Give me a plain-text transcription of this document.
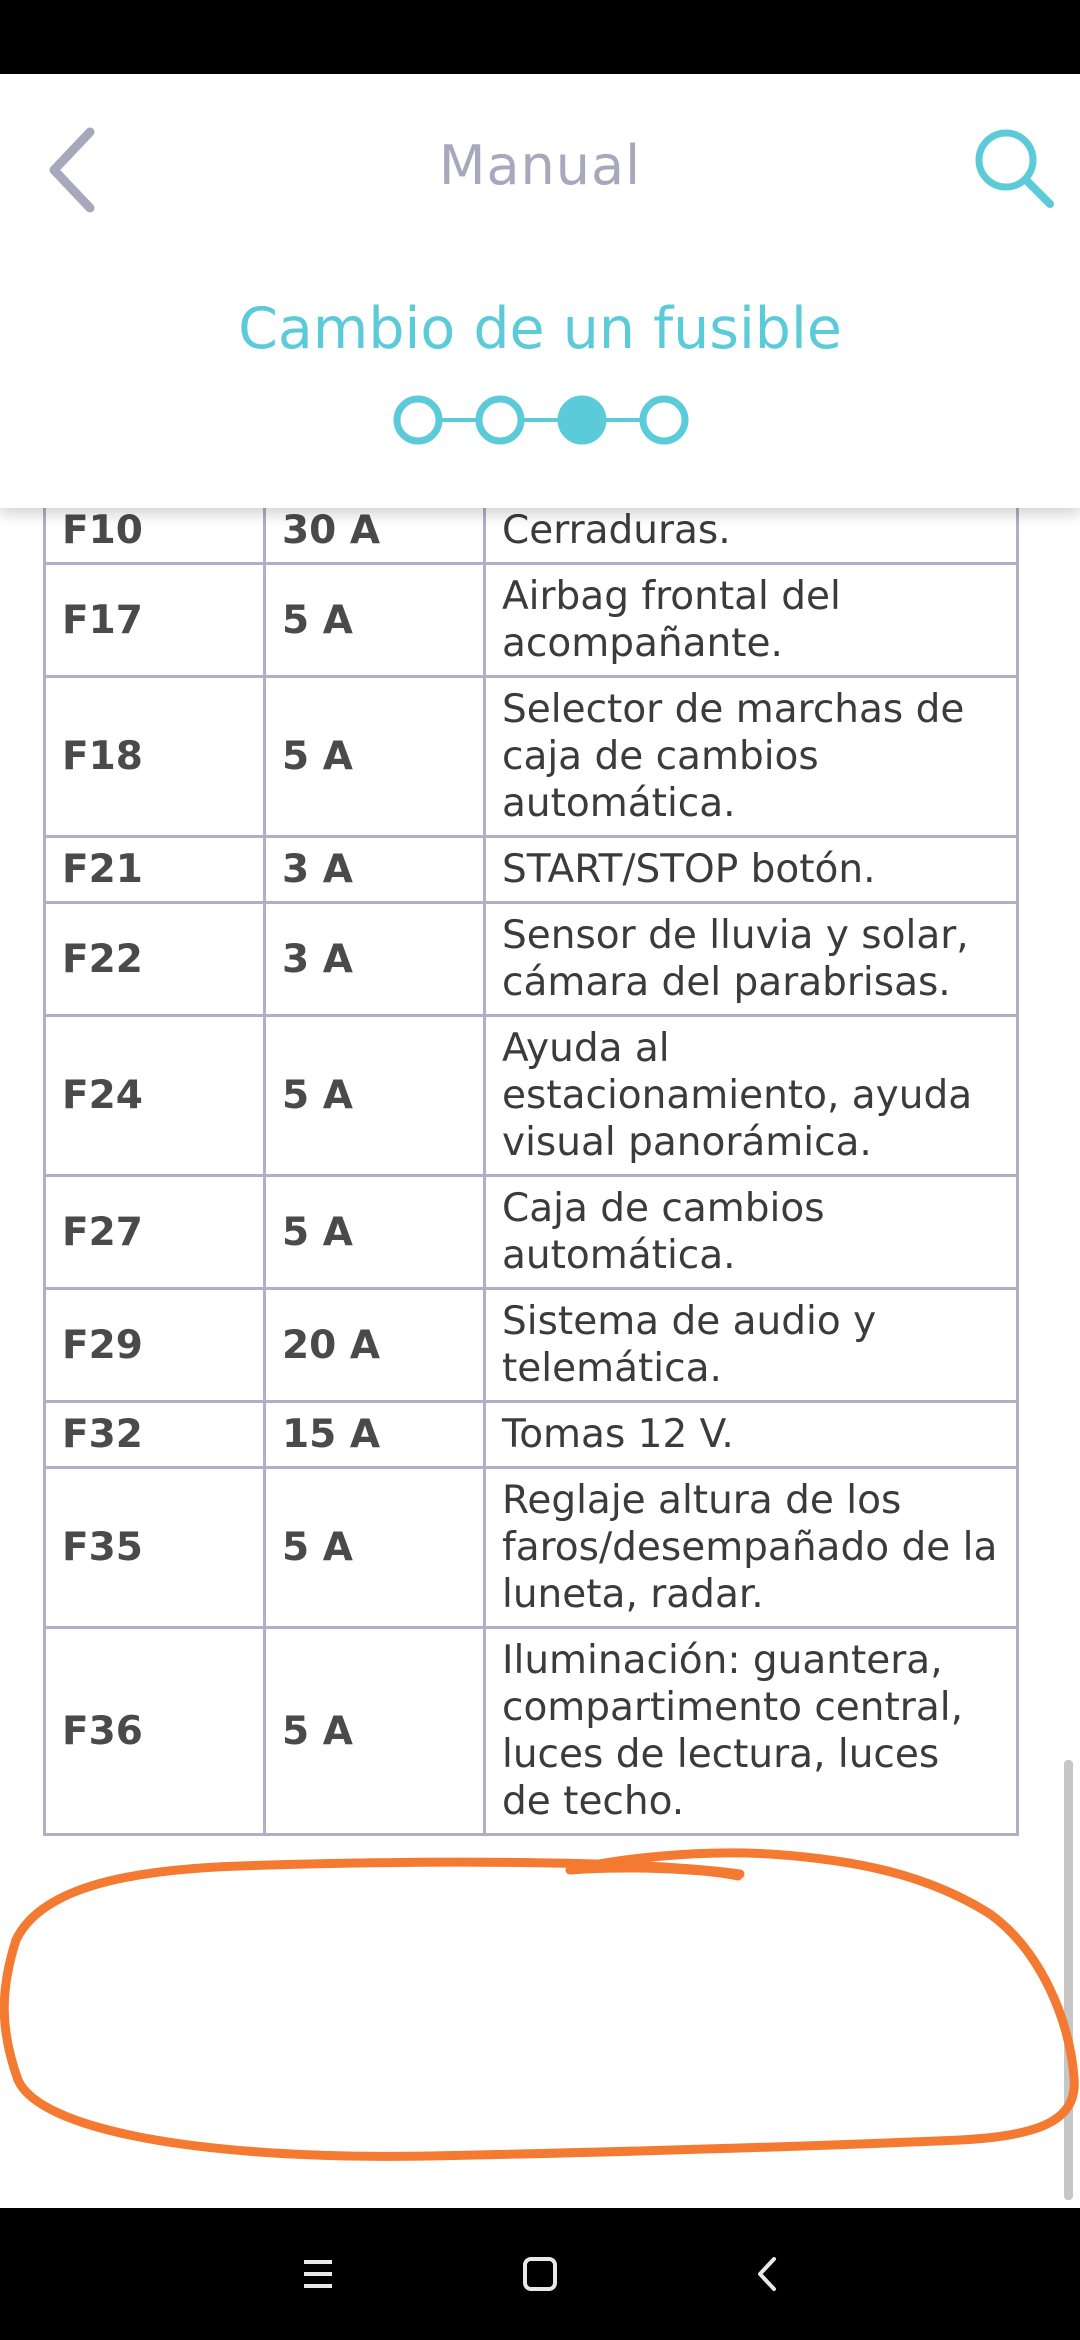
Manual
Cambio de un fusible
F10	30 A	Cerraduras.
F17	5 A	Airbag frontal del acompañante.
F18	5 A	Selector de marchas de caja de cambios automática.
F21	3 A	START/STOP botón.
F22	3 A	Sensor de lluvia y solar, cámara del parabrisas.
F24	5 A	Ayuda al estacionamiento, ayuda visual panorámica.
F27	5 A	Caja de cambios automática.
F29	20 A	Sistema de audio y telemática.
F32	15 A	Tomas 12 V.
F35	5 A	Reglaje altura de los faros/desempañado de la luneta, radar.
F36	5 A	Iluminación: guantera, compartimento central, luces de lectura, luces de techo.
